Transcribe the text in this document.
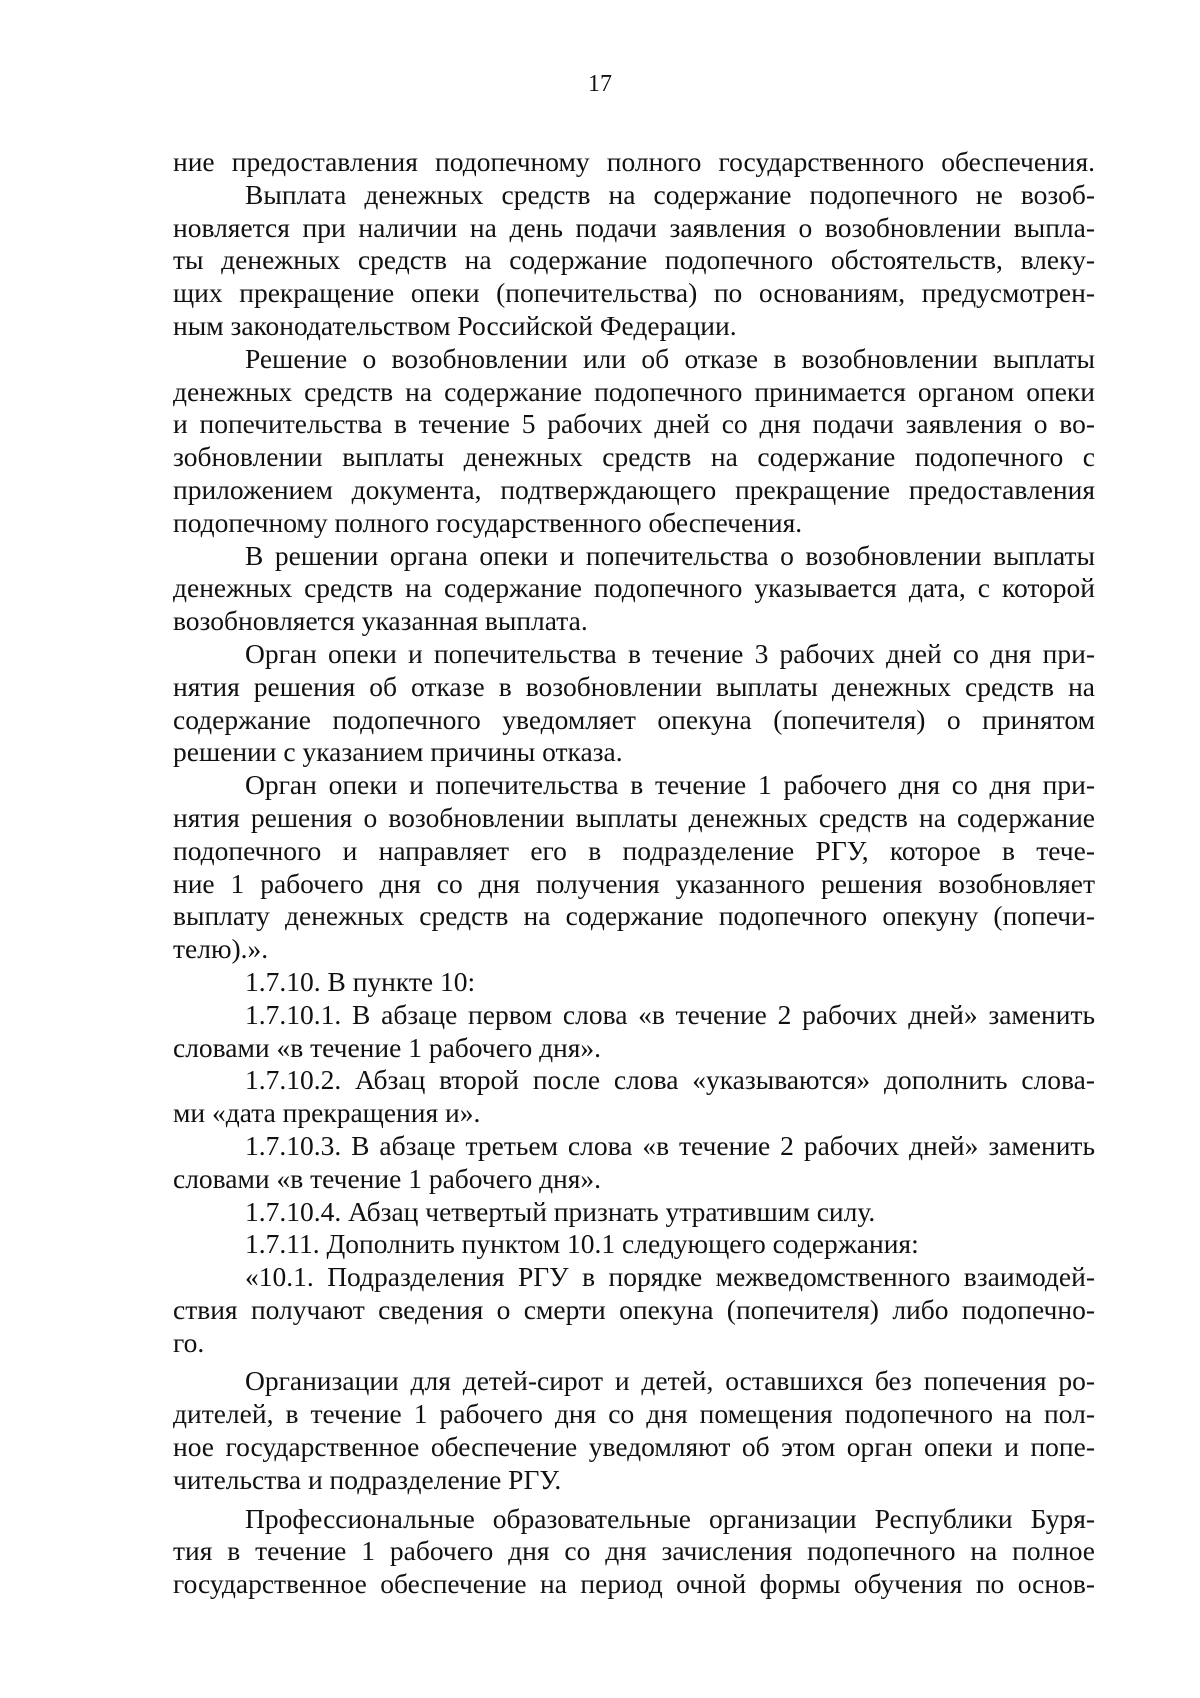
17
ние предоставления подопечному полного государственного обеспечения.
Выплата денежных средств на содержание подопечного не возоб-
новляется при наличии на день подачи заявления о возобновлении выпла-
ты денежных средств на содержание подопечного обстоятельств, влеку-
щих прекращение опеки (попечительства) по основаниям, предусмотрен-
ным законодательством Российской Федерации.
Решение о возобновлении или об отказе в возобновлении выплаты
денежных средств на содержание подопечного принимается органом опеки
и попечительства в течение 5 рабочих дней со дня подачи заявления о во-
зобновлении выплаты денежных средств на содержание подопечного с
приложением документа, подтверждающего прекращение предоставления
подопечному полного государственного обеспечения.
В решении органа опеки и попечительства о возобновлении выплаты
денежных средств на содержание подопечного указывается дата, с которой
возобновляется указанная выплата.
Орган опеки и попечительства в течение 3 рабочих дней со дня при-
нятия решения об отказе в возобновлении выплаты денежных средств на
содержание подопечного уведомляет опекуна (попечителя) о принятом
решении с указанием причины отказа.
Орган опеки и попечительства в течение 1 рабочего дня со дня при-
нятия решения о возобновлении выплаты денежных средств на содержание
подопечного и направляет его в подразделение РГУ, которое в тече-
ние 1 рабочего дня со дня получения указанного решения возобновляет
выплату денежных средств на содержание подопечного опекуну (попечи-
телю).».
1.7.10. В пункте 10:
1.7.10.1. В абзаце первом слова «в течение 2 рабочих дней» заменить
словами «в течение 1 рабочего дня».
1.7.10.2. Абзац второй после слова «указываются» дополнить слова-
ми «дата прекращения и».
1.7.10.3. В абзаце третьем слова «в течение 2 рабочих дней» заменить
словами «в течение 1 рабочего дня».
1.7.10.4. Абзац четвертый признать утратившим силу.
1.7.11. Дополнить пунктом 10.1 следующего содержания:
«10.1. Подразделения РГУ в порядке межведомственного взаимодей-
ствия получают сведения о смерти опекуна (попечителя) либо подопечно-
го.
Организации для детей-сирот и детей, оставшихся без попечения ро-
дителей, в течение 1 рабочего дня со дня помещения подопечного на пол-
ное государственное обеспечение уведомляют об этом орган опеки и попе-
чительства и подразделение РГУ.
Профессиональные образовательные организации Республики Буря-
тия в течение 1 рабочего дня со дня зачисления подопечного на полное
государственное обеспечение на период очной формы обучения по основ-
